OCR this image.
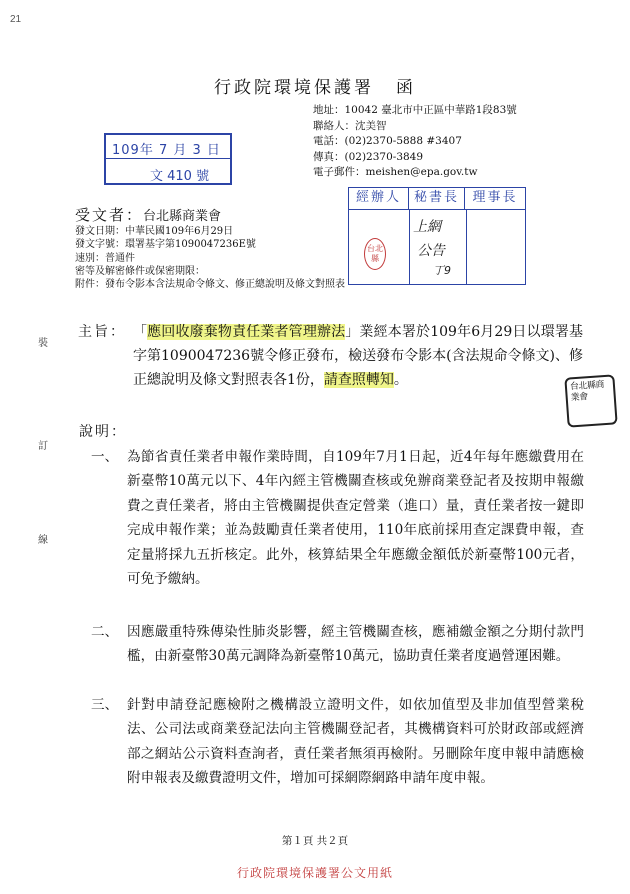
21
行政院環境保護署 函
地址：10042 臺北市中正區中華路1段83號
聯絡人：沈美智
電話：(02)2370-5888 #3407
傳真：(02)2370-3849
電子郵件：meishen@epa.gov.tw
109年 7 月 3 日
文 410 號
經辦人 秘書長	理事長
上網
公告
丁9
台北縣
受文者：台北縣商業會
發文日期：中華民國109年6月29日
發文字號：環署基字第1090047236E號
速別：普通件
密等及解密條件或保密期限：
附件：發布令影本含法規命令條文、修正總說明及條文對照表
主旨： 「應回收廢棄物責任業者管理辦法」業經本署於109年6月29日以環署基字第1090047236號令修正發布，檢送發布令影本(含法規命令條文)、修正總說明及條文對照表各1份，請查照轉知。
說明：
一、 為節省責任業者申報作業時間，自109年7月1日起，近4年每年應繳費用在新臺幣10萬元以下、4年內經主管機關查核或免辦商業登記者及按期申報繳費之責任業者，將由主管機關提供查定營業（進口）量，責任業者按一鍵即完成申報作業；並為鼓勵責任業者使用，110年底前採用查定課費申報，查定量將採九五折核定。此外，核算結果全年應繳金額低於新臺幣100元者，可免予繳納。
二、 因應嚴重特殊傳染性肺炎影響，經主管機關查核，應補繳金額之分期付款門檻，由新臺幣30萬元調降為新臺幣10萬元，協助責任業者度過營運困難。
三、 針對申請登記應檢附之機構設立證明文件，如依加值型及非加值型營業稅法、公司法或商業登記法向主管機關登記者，其機構資料可於財政部或經濟部之網站公示資料查詢者，責任業者無須再檢附。另刪除年度申報申請應檢附申報表及繳費證明文件，增加可採網際網路申請年度申報。
裝
訂
線
台北縣商業會
第１頁 共２頁
行政院環境保護署公文用紙
